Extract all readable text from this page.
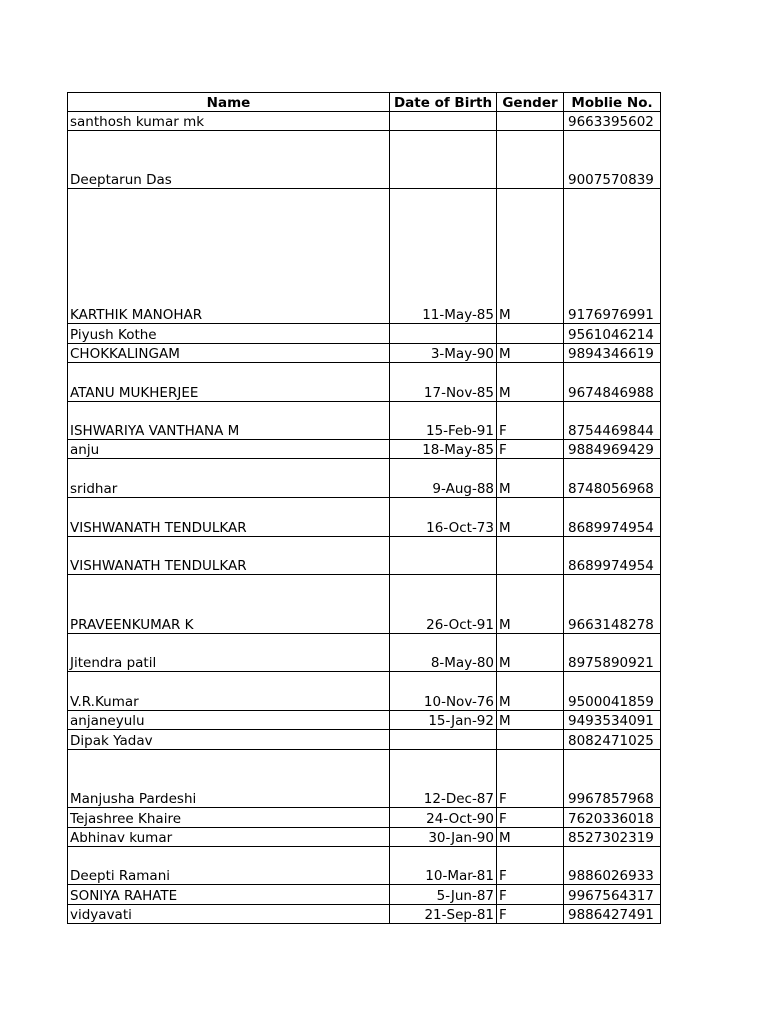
Name	Date of Birth	Gender	Moblie No.
santhosh kumar mk			9663395602
Deeptarun Das			9007570839
KARTHIK MANOHAR	11-May-85	M	9176976991
Piyush Kothe			9561046214
CHOKKALINGAM	3-May-90	M	9894346619
ATANU MUKHERJEE	17-Nov-85	M	9674846988
ISHWARIYA VANTHANA M	15-Feb-91	F	8754469844
anju	18-May-85	F	9884969429
sridhar	9-Aug-88	M	8748056968
VISHWANATH TENDULKAR	16-Oct-73	M	8689974954
VISHWANATH TENDULKAR			8689974954
PRAVEENKUMAR K	26-Oct-91	M	9663148278
Jitendra patil	8-May-80	M	8975890921
V.R.Kumar	10-Nov-76	M	9500041859
anjaneyulu	15-Jan-92	M	9493534091
Dipak Yadav			8082471025
Manjusha Pardeshi	12-Dec-87	F	9967857968
Tejashree Khaire	24-Oct-90	F	7620336018
Abhinav kumar	30-Jan-90	M	8527302319
Deepti Ramani	10-Mar-81	F	9886026933
SONIYA RAHATE	5-Jun-87	F	9967564317
vidyavati	21-Sep-81	F	9886427491
